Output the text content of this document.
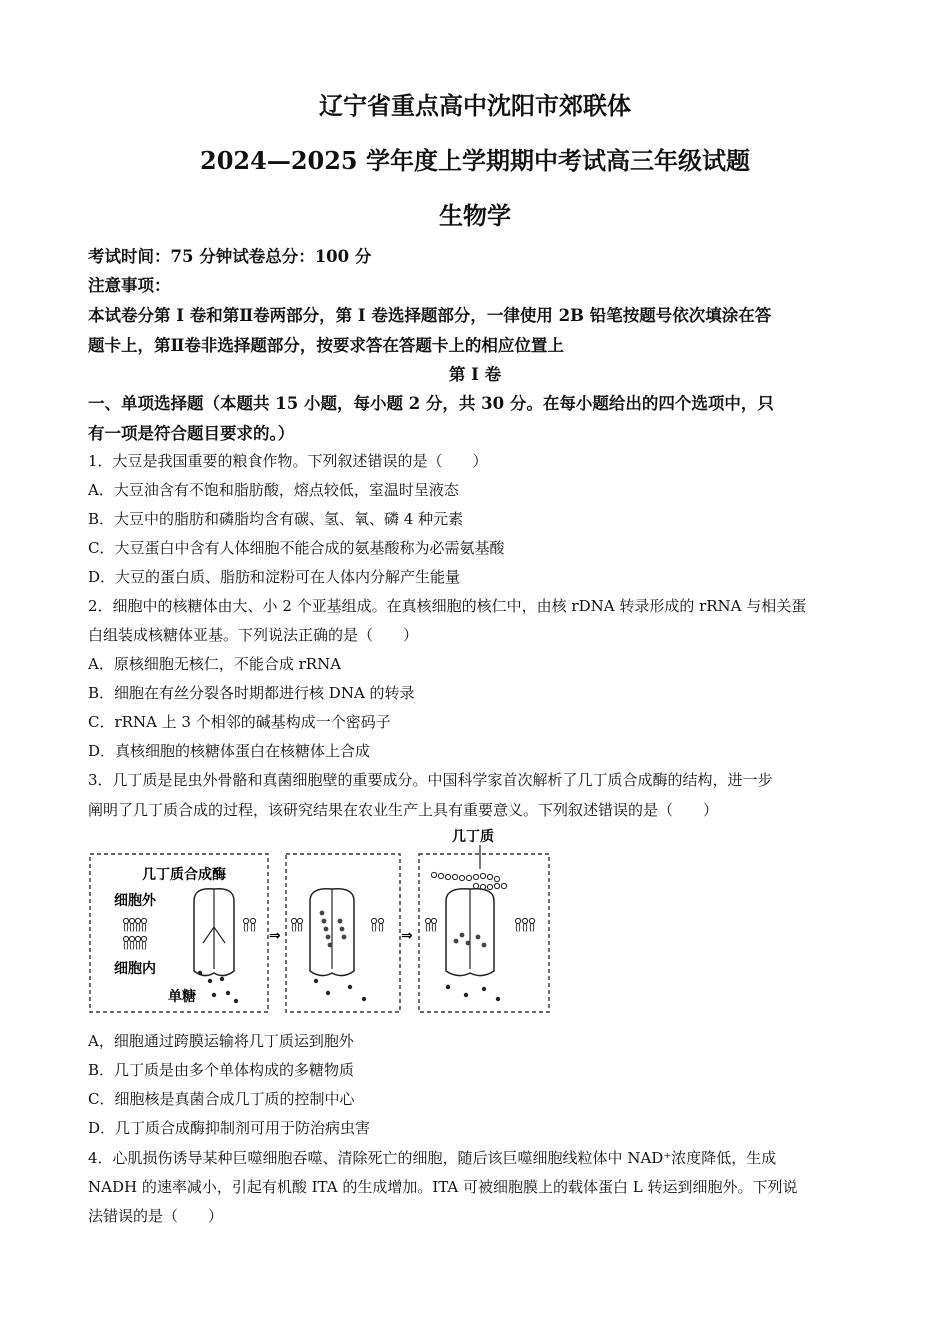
辽宁省重点高中沈阳市郊联体
2024—2025 学年度上学期期中考试高三年级试题
生物学
考试时间：75 分钟试卷总分：100 分
注意事项：
本试卷分第 I 卷和第Ⅱ卷两部分，第 I 卷选择题部分，一律使用 2B 铅笔按题号依次填涂在答
题卡上，第Ⅱ卷非选择题部分，按要求答在答题卡上的相应位置上
第 I 卷
一、单项选择题（本题共 15 小题，每小题 2 分，共 30 分。在每小题给出的四个选项中，只
有一项是符合题目要求的。）
1．大豆是我国重要的粮食作物。下列叙述错误的是（　　）
A．大豆油含有不饱和脂肪酸，熔点较低，室温时呈液态
B．大豆中的脂肪和磷脂均含有碳、氢、氧、磷 4 种元素
C．大豆蛋白中含有人体细胞不能合成的氨基酸称为必需氨基酸
D．大豆的蛋白质、脂肪和淀粉可在人体内分解产生能量
2．细胞中的核糖体由大、小 2 个亚基组成。在真核细胞的核仁中，由核 rDNA 转录形成的 rRNA 与相关蛋
白组装成核糖体亚基。下列说法正确的是（　　）
A．原核细胞无核仁，不能合成 rRNA
B．细胞在有丝分裂各时期都进行核 DNA 的转录
C．rRNA 上 3 个相邻的碱基构成一个密码子
D．真核细胞的核糖体蛋白在核糖体上合成
3．几丁质是昆虫外骨骼和真菌细胞壁的重要成分。中国科学家首次解析了几丁质合成酶的结构，进一步
阐明了几丁质合成的过程，该研究结果在农业生产上具有重要意义。下列叙述错误的是（　　）
几丁质合成酶
细胞外
细胞内
单糖
⇒	⇒
几丁质
A，细胞通过跨膜运输将几丁质运到胞外
B．几丁质是由多个单体构成的多糖物质
C．细胞核是真菌合成几丁质的控制中心
D．几丁质合成酶抑制剂可用于防治病虫害
4．心肌损伤诱导某种巨噬细胞吞噬、清除死亡的细胞，随后该巨噬细胞线粒体中 NAD⁺浓度降低，生成
NADH 的速率减小，引起有机酸 ITA 的生成增加。ITA 可被细胞膜上的载体蛋白 L 转运到细胞外。下列说
法错误的是（　　）
